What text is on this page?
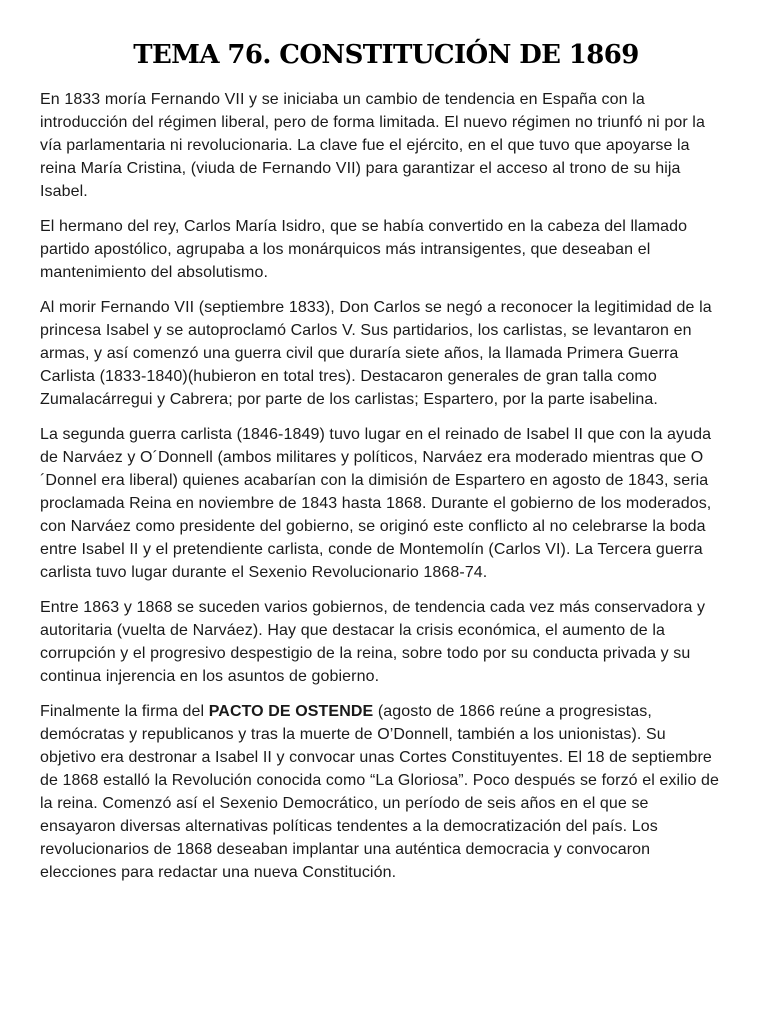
TEMA 76. CONSTITUCIÓN DE 1869

En 1833 moría Fernando VII y se iniciaba un cambio de tendencia en España con la introducción del régimen liberal, pero de forma limitada. El nuevo régimen no triunfó ni por la vía parlamentaria ni revolucionaria. La clave fue el ejército, en el que tuvo que apoyarse la reina María Cristina, (viuda de Fernando VII) para garantizar el acceso al trono de su hija Isabel.

El hermano del rey, Carlos María Isidro, que se había convertido en la cabeza del llamado partido apostólico, agrupaba a los monárquicos más intransigentes, que deseaban el mantenimiento del absolutismo.

Al morir Fernando VII (septiembre 1833), Don Carlos se negó a reconocer la legitimidad de la princesa Isabel y se autoproclamó Carlos V. Sus partidarios, los carlistas, se levantaron en armas, y así comenzó una guerra civil que duraría siete años, la llamada Primera Guerra Carlista (1833-1840)(hubieron en total tres). Destacaron generales de gran talla como Zumalacárregui y Cabrera; por parte de los carlistas; Espartero, por la parte isabelina.

La segunda guerra carlista (1846-1849) tuvo lugar en el reinado de Isabel II que con la ayuda de Narváez y O´Donnell (ambos militares y políticos, Narváez era moderado mientras que O´Donnel era liberal) quienes acabarían con la dimisión de Espartero en agosto de 1843, seria proclamada Reina en noviembre de 1843 hasta 1868. Durante el gobierno de los moderados, con Narváez como presidente del gobierno, se originó este conflicto al no celebrarse la boda entre Isabel II y el pretendiente carlista, conde de Montemolín (Carlos VI). La Tercera guerra carlista tuvo lugar durante el Sexenio Revolucionario 1868-74.

Entre 1863 y 1868 se suceden varios gobiernos, de tendencia cada vez más conservadora y autoritaria (vuelta de Narváez). Hay que destacar la crisis económica, el aumento de la corrupción y el progresivo despestigio de la reina, sobre todo por su conducta privada y su continua injerencia en los asuntos de gobierno.

Finalmente la firma del PACTO DE OSTENDE (agosto de 1866 reúne a progresistas, demócratas y republicanos y tras la muerte de O’Donnell, también a los unionistas). Su objetivo era destronar a Isabel II y convocar unas Cortes Constituyentes. El 18 de septiembre de 1868 estalló la Revolución conocida como “La Gloriosa”. Poco después se forzó el exilio de la reina. Comenzó así el Sexenio Democrático, un período de seis años en el que se ensayaron diversas alternativas políticas tendentes a la democratización del país. Los revolucionarios de 1868 deseaban implantar una auténtica democracia y convocaron elecciones para redactar una nueva Constitución.
